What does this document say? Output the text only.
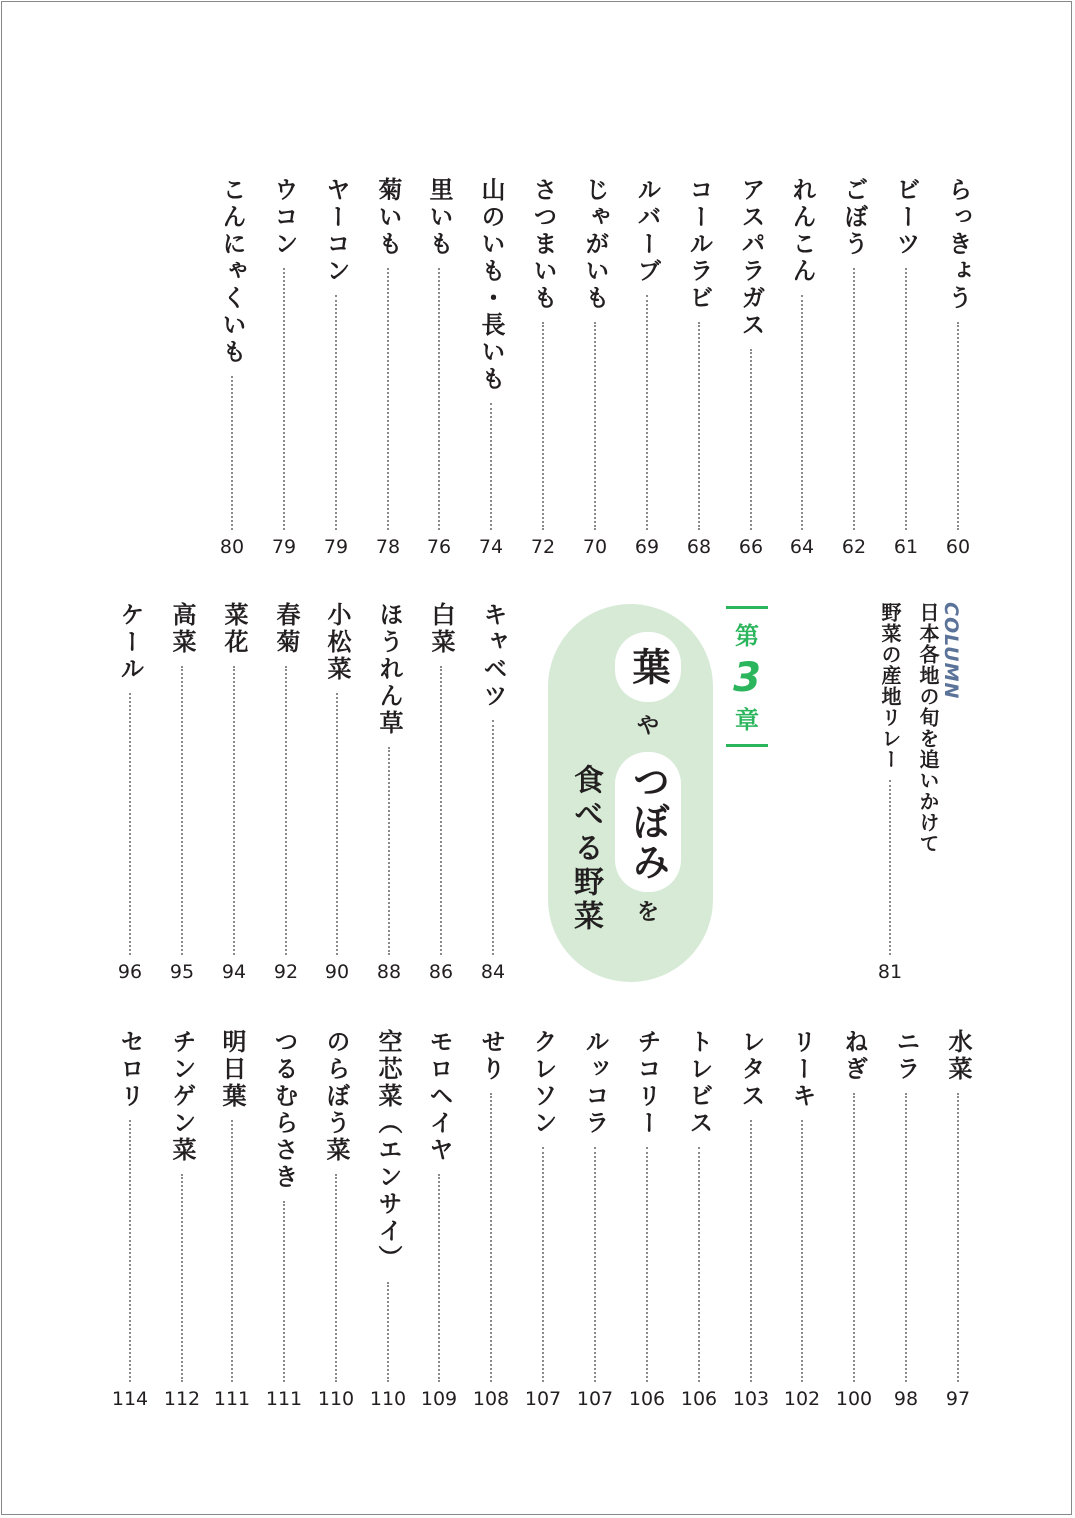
らっきょう
60
ビーツ
61
ごぼう
62
れんこん
64
アスパラガス
66
コールラビ
68
ルバーブ
69
じゃがいも
70
さつまいも
72
山のいも・長いも
74
里いも
76
菊いも
78
ヤーコン
79
ウコン
79
こんにゃくいも
80
COLUMN
日本各地の旬を追いかけて
野菜の産地リレー
81
第
3
章
葉
や
つぼみ
を
食べる野菜
キャベツ
84
白菜
86
ほうれん草
88
小松菜
90
春菊
92
菜花
94
高菜
95
ケール
96
水菜
97
ニラ
98
ねぎ
100
リーキ
102
レタス
103
トレビス
106
チコリー
106
ルッコラ
107
クレソン
107
せり
108
モロヘイヤ
109
空芯菜（エンサイ）
110
のらぼう菜
110
つるむらさき
111
明日葉
111
チンゲン菜
112
セロリ
114
